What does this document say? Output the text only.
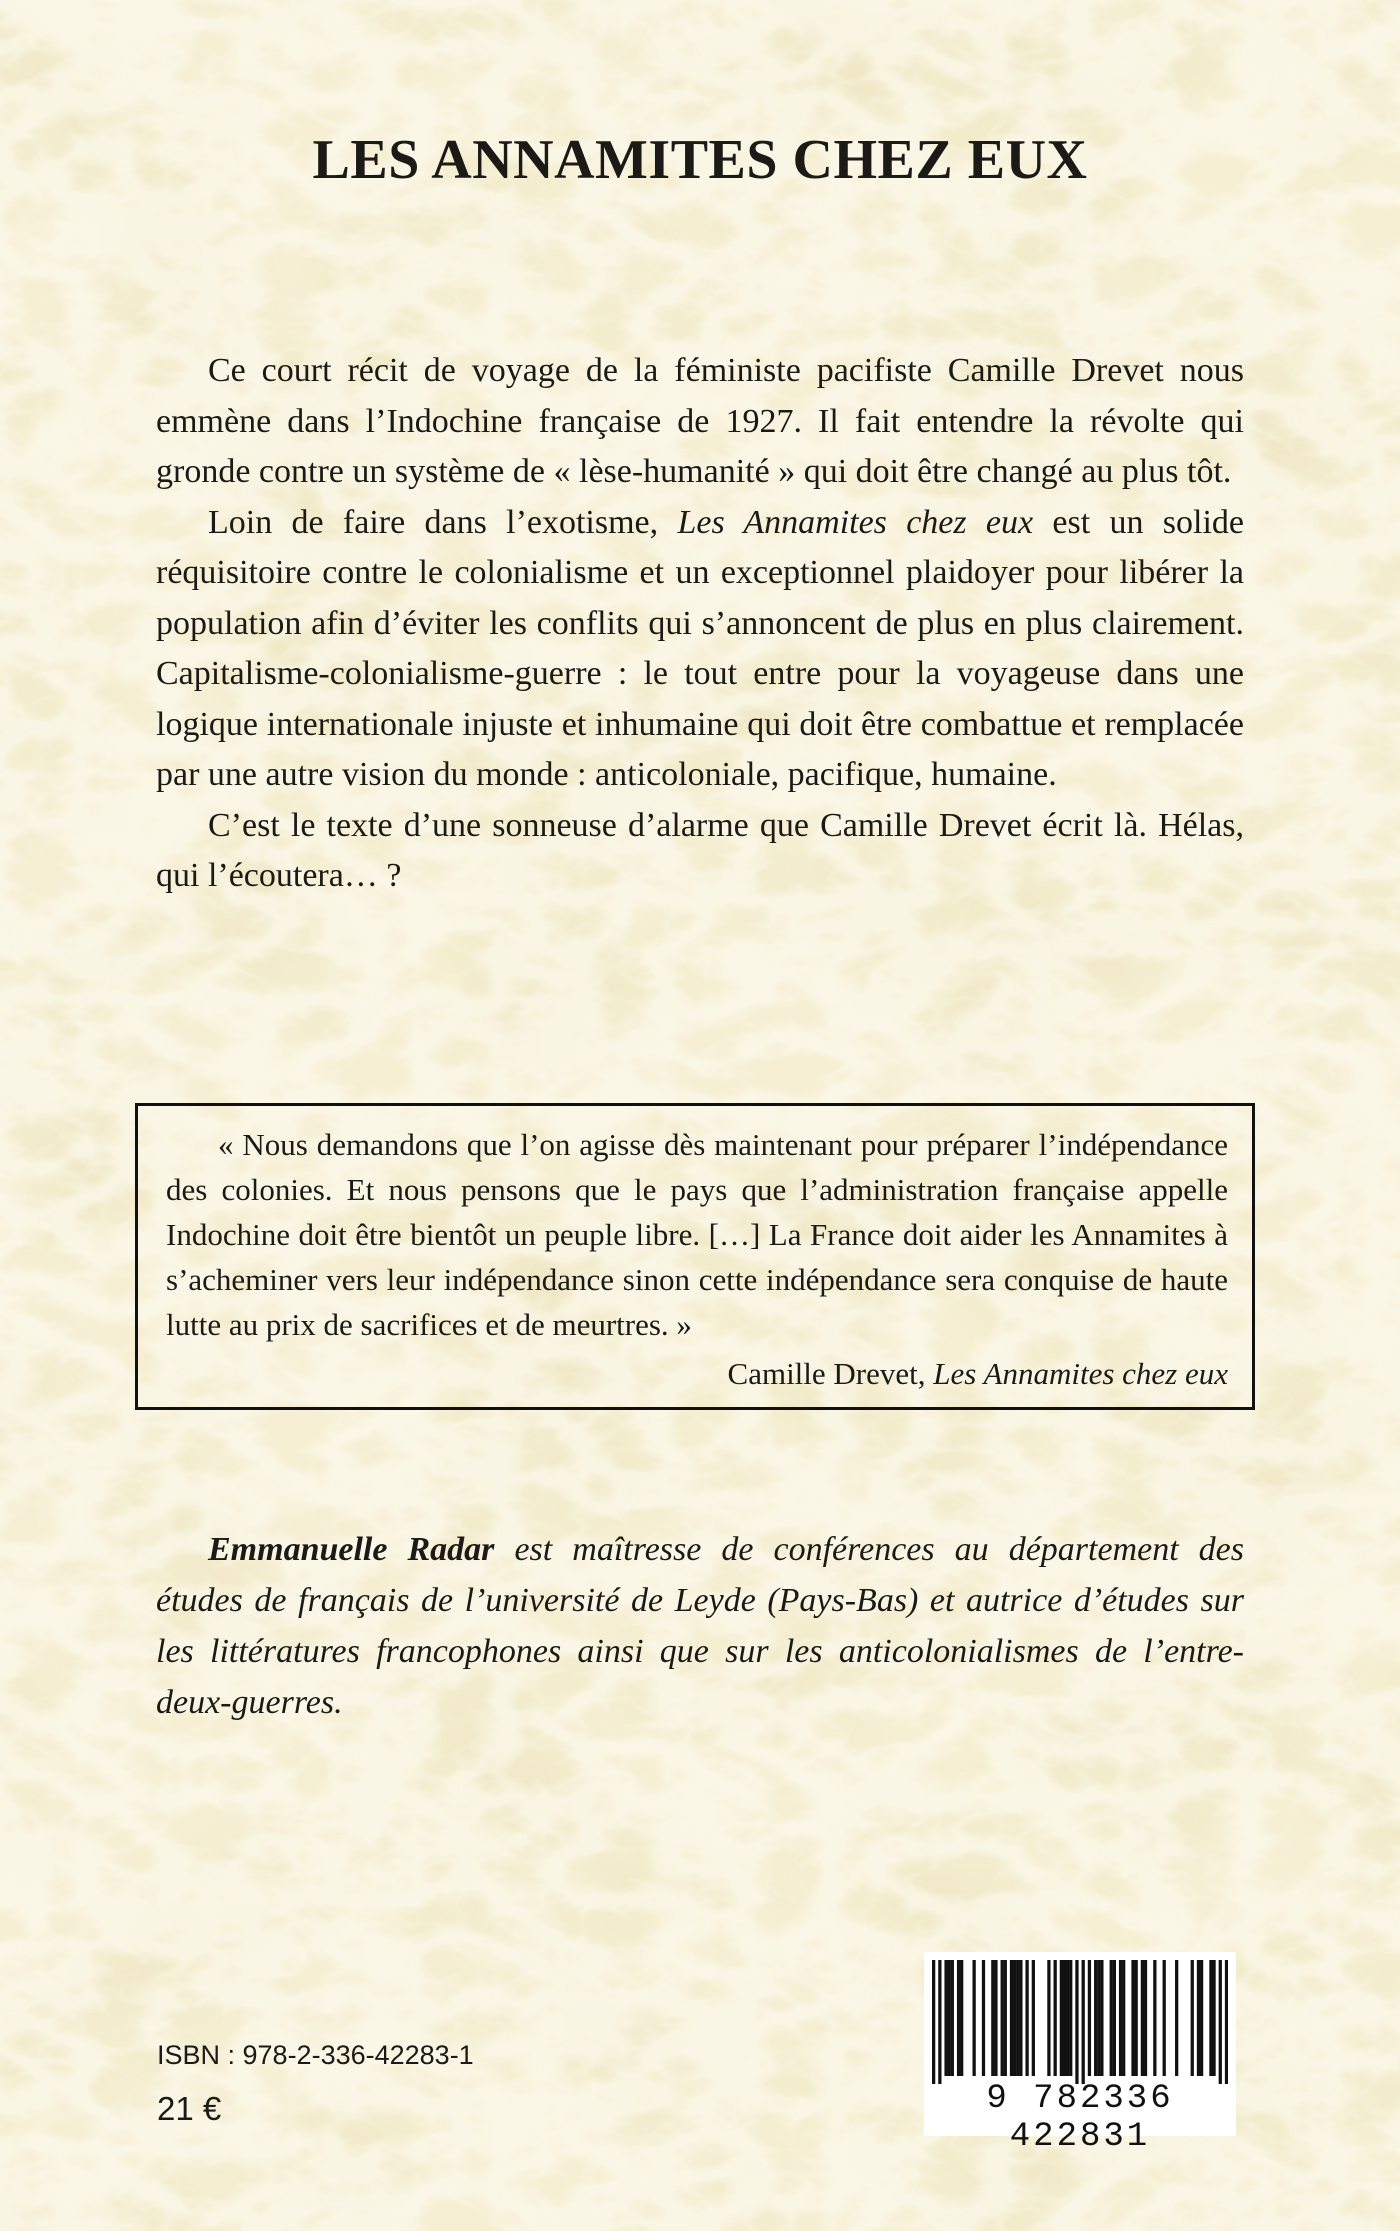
LES ANNAMITES CHEZ EUX

Ce court récit de voyage de la féministe pacifiste Camille Drevet nous emmène dans l’Indochine française de 1927. Il fait entendre la révolte qui gronde contre un système de « lèse-humanité » qui doit être changé au plus tôt.

Loin de faire dans l’exotisme, Les Annamites chez eux est un solide réquisitoire contre le colonialisme et un exceptionnel plaidoyer pour libérer la population afin d’éviter les conflits qui s’annoncent de plus en plus clairement. Capitalisme-colonialisme-guerre : le tout entre pour la voyageuse dans une logique internationale injuste et inhumaine qui doit être combattue et remplacée par une autre vision du monde : anticoloniale, pacifique, humaine.

C’est le texte d’une sonneuse d’alarme que Camille Drevet écrit là. Hélas, qui l’écoutera… ?

« Nous demandons que l’on agisse dès maintenant pour préparer l’indépendance des colonies. Et nous pensons que le pays que l’administration française appelle Indochine doit être bientôt un peuple libre. […] La France doit aider les Annamites à s’acheminer vers leur indépendance sinon cette indépendance sera conquise de haute lutte au prix de sacrifices et de meurtres. »

Camille Drevet, Les Annamites chez eux

Emmanuelle Radar est maîtresse de conférences au département des études de français de l’université de Leyde (Pays-Bas) et autrice d’études sur les littératures francophones ainsi que sur les anticolonialismes de l’entre-deux-guerres.

ISBN : 978-2-336-42283-1
21 €	9 782336 422831
